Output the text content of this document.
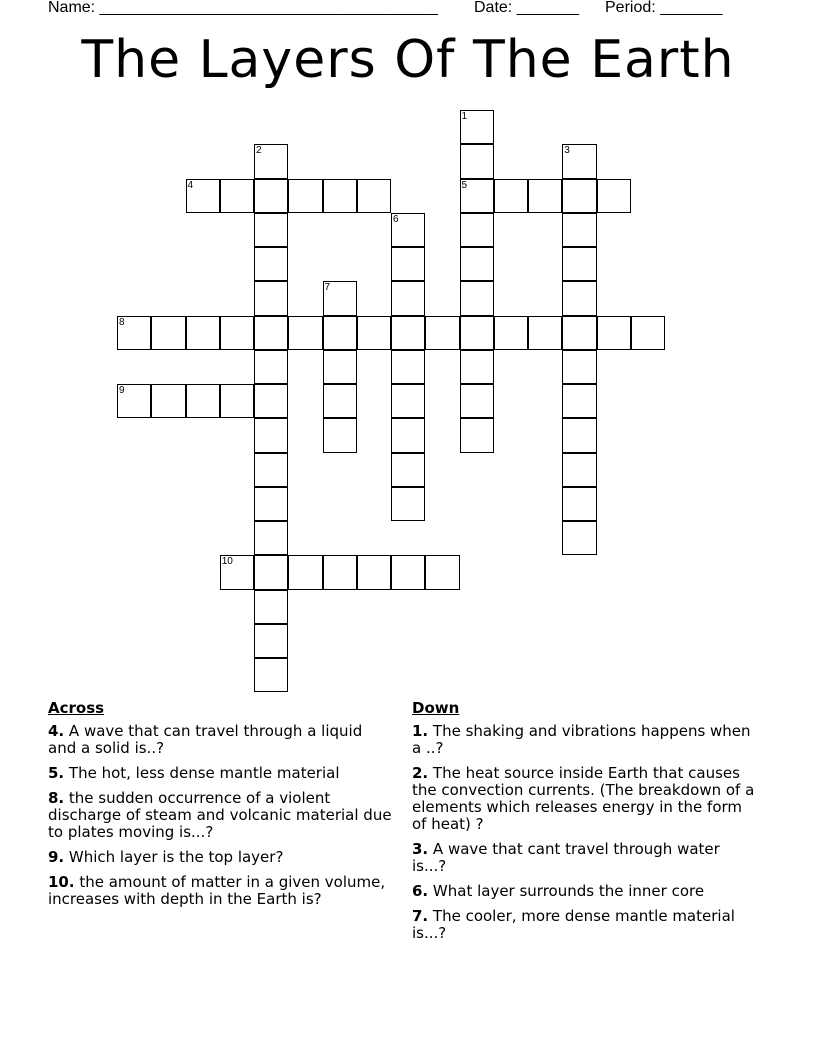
Name: ______________________________________ Date: _______ Period: _______
The Layers Of The Earth
1
5
2	3
4
6
7
8
9
10
Across
4. A wave that can travel through a liquid and a solid is..?
5. The hot, less dense mantle material
8. the sudden occurrence of a violent discharge of steam and volcanic material due to plates moving is...?
9. Which layer is the top layer?
10. the amount of matter in a given volume, increases with depth in the Earth is?
Down
1. The shaking and vibrations happens when a ..?
2. The heat source inside Earth that causes the convection currents. (The breakdown of a elements which releases energy in the form of heat) ?
3. A wave that cant travel through water is...?
6. What layer surrounds the inner core
7. The cooler, more dense mantle material is...?
